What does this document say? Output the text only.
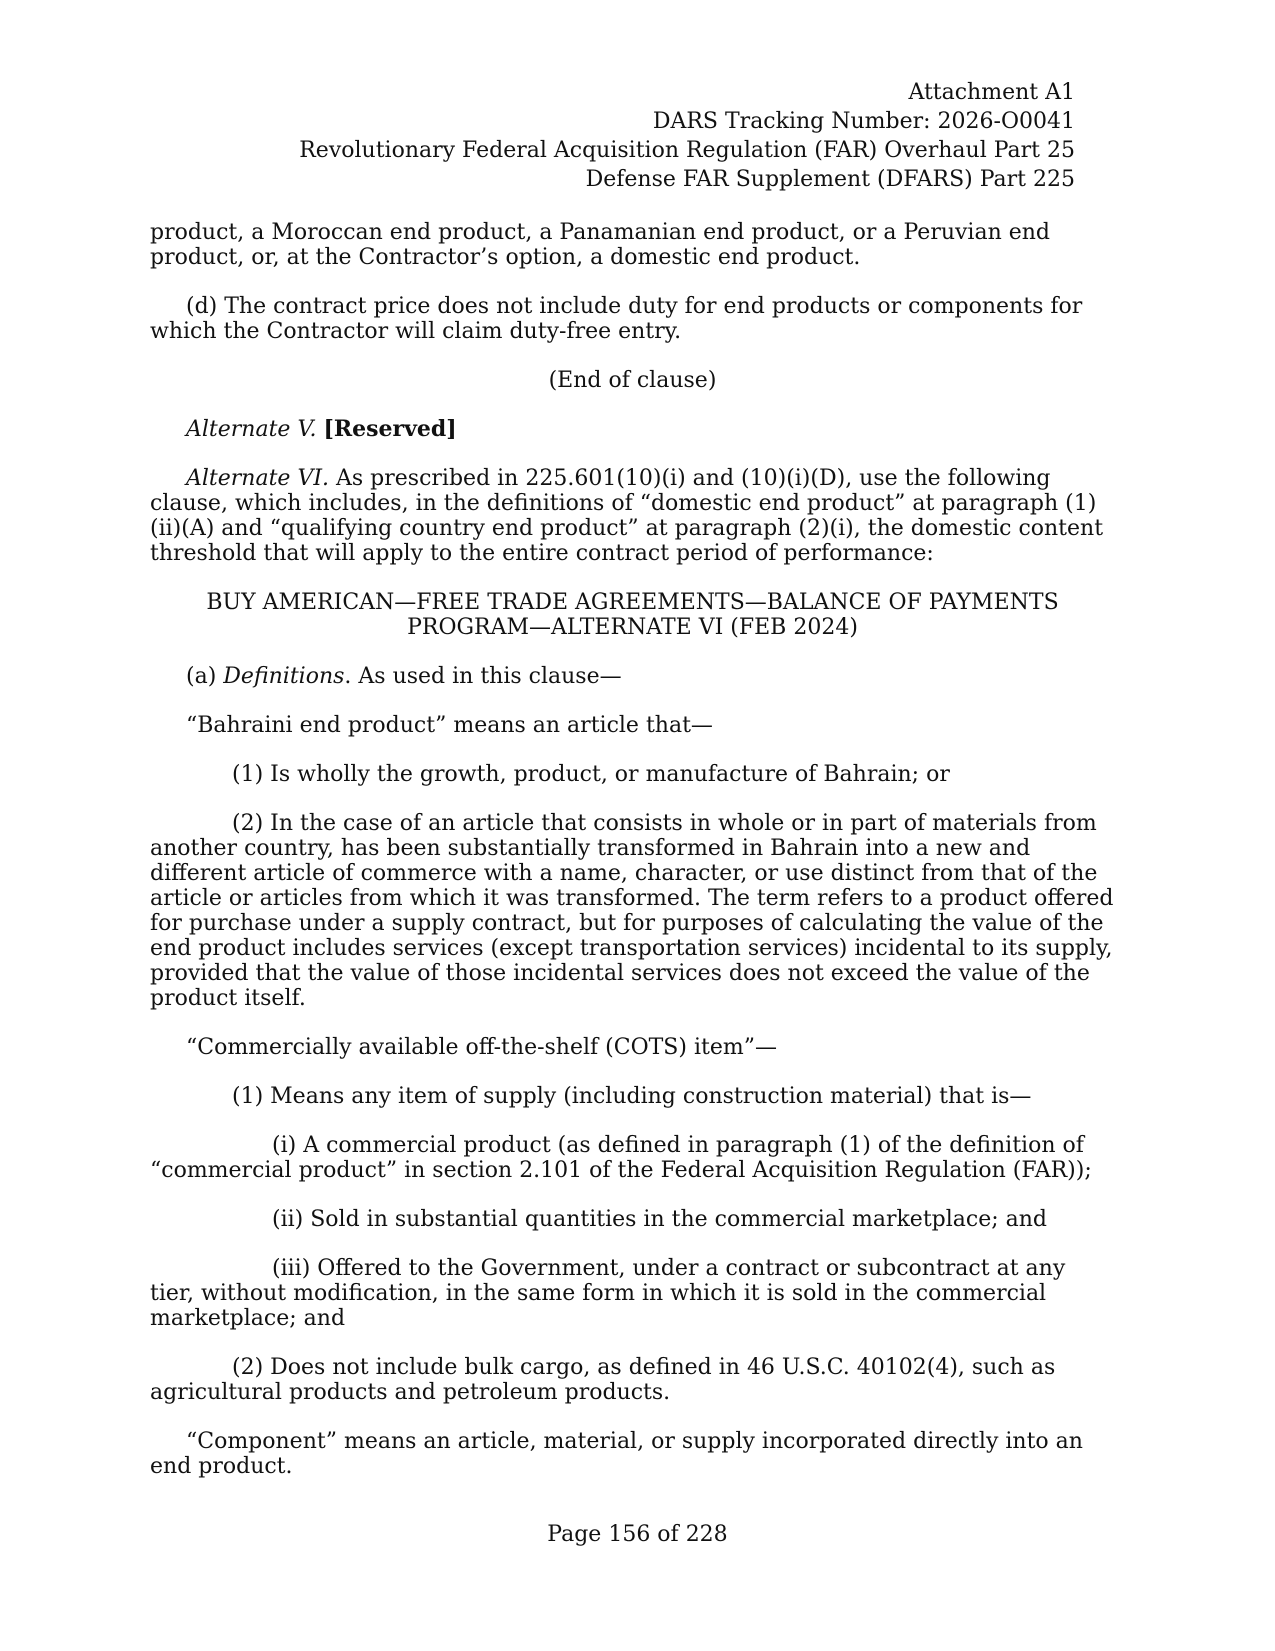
Attachment A1
DARS Tracking Number: 2026-O0041
Revolutionary Federal Acquisition Regulation (FAR) Overhaul Part 25
Defense FAR Supplement (DFARS) Part 225

product, a Moroccan end product, a Panamanian end product, or a Peruvian end product, or, at the Contractor’s option, a domestic end product.

(d) The contract price does not include duty for end products or components for which the Contractor will claim duty-free entry.

(End of clause)

Alternate V. [Reserved]

Alternate VI. As prescribed in 225.601(10)(i) and (10)(i)(D), use the following clause, which includes, in the definitions of “domestic end product” at paragraph (1)(ii)(A) and “qualifying country end product” at paragraph (2)(i), the domestic content threshold that will apply to the entire contract period of performance:

BUY AMERICAN—FREE TRADE AGREEMENTS—BALANCE OF PAYMENTS
PROGRAM—ALTERNATE VI (FEB 2024)

(a) Definitions. As used in this clause—

“Bahraini end product” means an article that—

(1) Is wholly the growth, product, or manufacture of Bahrain; or

(2) In the case of an article that consists in whole or in part of materials from another country, has been substantially transformed in Bahrain into a new and different article of commerce with a name, character, or use distinct from that of the article or articles from which it was transformed. The term refers to a product offered for purchase under a supply contract, but for purposes of calculating the value of the end product includes services (except transportation services) incidental to its supply, provided that the value of those incidental services does not exceed the value of the product itself.

“Commercially available off-the-shelf (COTS) item”—

(1) Means any item of supply (including construction material) that is—

(i) A commercial product (as defined in paragraph (1) of the definition of “commercial product” in section 2.101 of the Federal Acquisition Regulation (FAR));

(ii) Sold in substantial quantities in the commercial marketplace; and

(iii) Offered to the Government, under a contract or subcontract at any tier, without modification, in the same form in which it is sold in the commercial marketplace; and

(2) Does not include bulk cargo, as defined in 46 U.S.C. 40102(4), such as agricultural products and petroleum products.

“Component” means an article, material, or supply incorporated directly into an end product.

Page 156 of 228
